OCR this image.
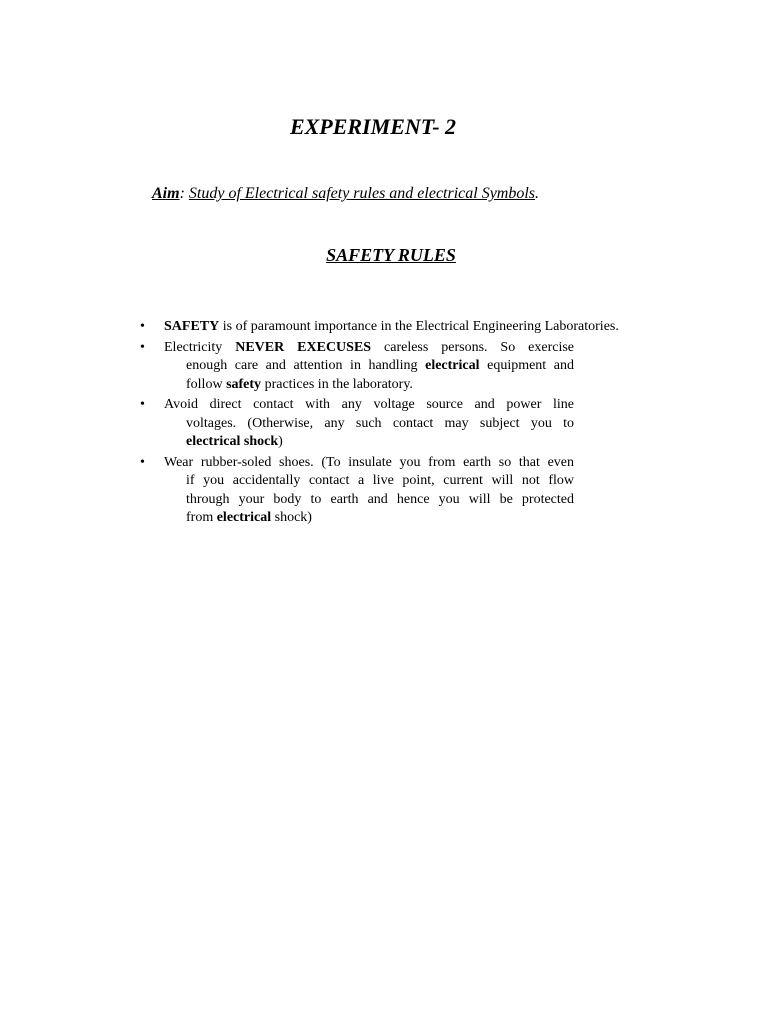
EXPERIMENT- 2
Aim: Study of Electrical safety rules and electrical Symbols.
SAFETY RULES
• SAFETY is of paramount importance in the Electrical Engineering Laboratories.
• Electricity NEVER EXECUSES careless persons. So exercise
enough care and attention in handling electrical equipment and
follow safety practices in the laboratory.
• Avoid direct contact with any voltage source and power line
voltages. (Otherwise, any such contact may subject you to
electrical shock)
• Wear rubber-soled shoes. (To insulate you from earth so that even
if you accidentally contact a live point, current will not flow
through your body to earth and hence you will be protected
from electrical shock)
